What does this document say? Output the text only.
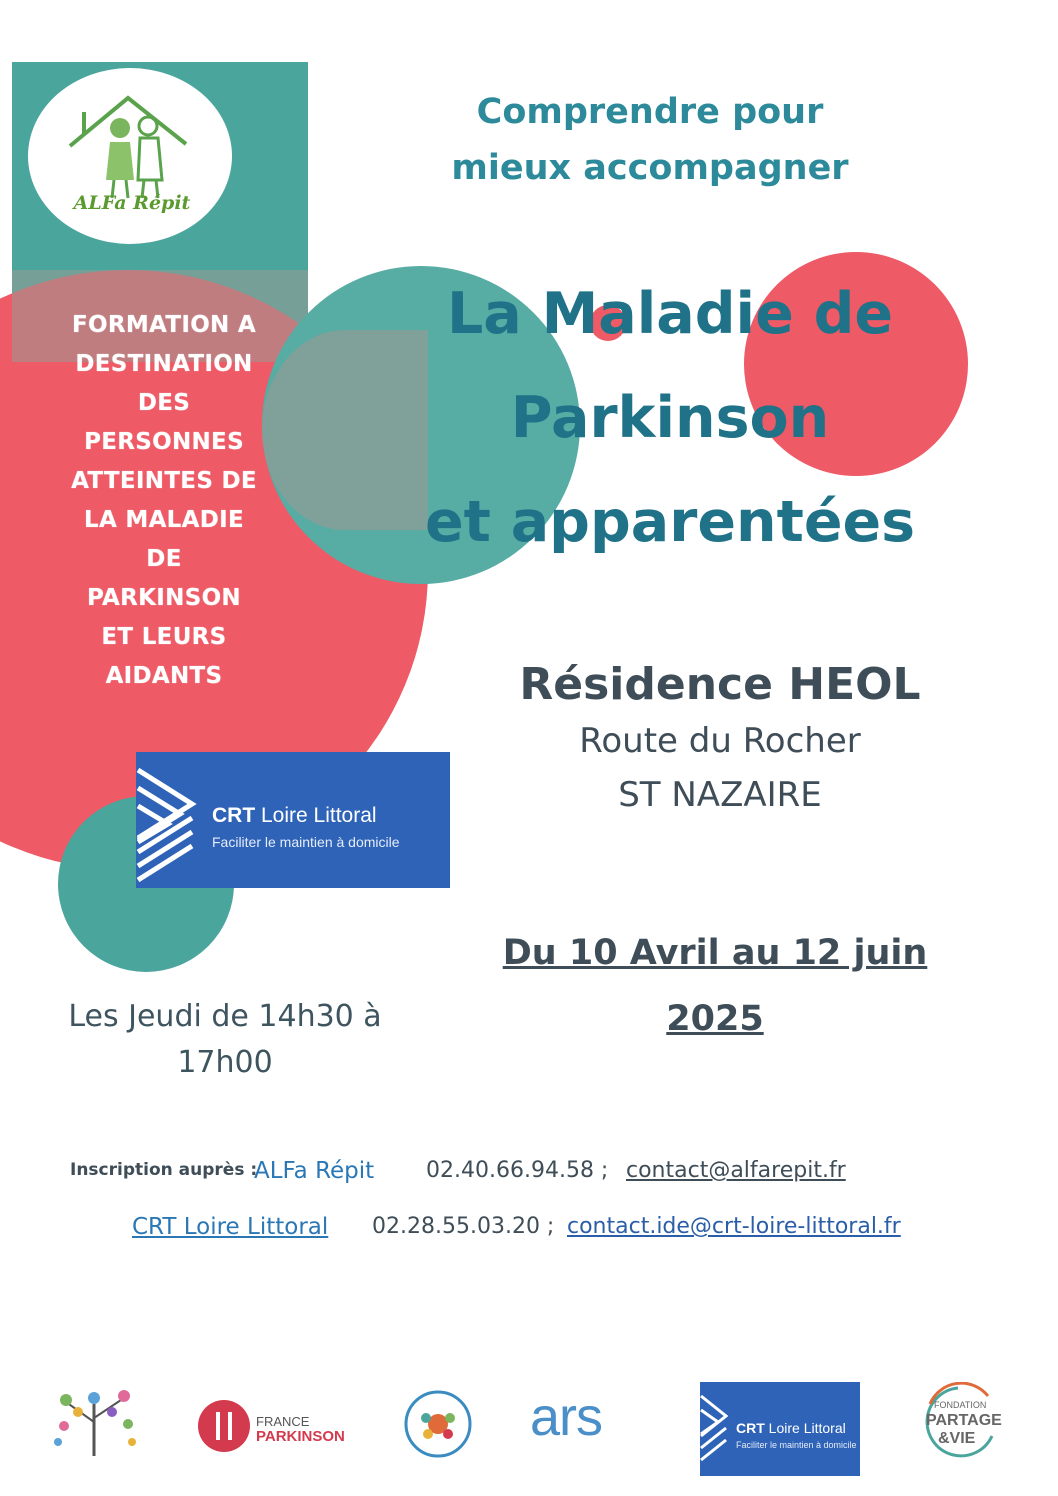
ALFa Répit
FORMATION A
DESTINATION
DES
PERSONNES
ATTEINTES DE
LA MALADIE
DE
PARKINSON
ET LEURS
AIDANTS
CRT Loire Littoral
Faciliter le maintien à domicile
Comprendre pour
mieux accompagner
La Maladie de
Parkinson
et apparentées
Résidence HEOL
Route du Rocher
ST NAZAIRE
Du 10 Avril au 12 juin
2025
Les Jeudi de 14h30 à
17h00
Inscription auprès :
ALFa Répit 02.40.66.94.58 ; contact@alfarepit.fr
CRT Loire Littoral 02.28.55.03.20 ; contact.ide@crt-loire-littoral.fr
FRANCE
PARKINSON	ars	CRT Loire Littoral
Faciliter le maintien à domicile
FONDATION
PARTAGE
&VIE
